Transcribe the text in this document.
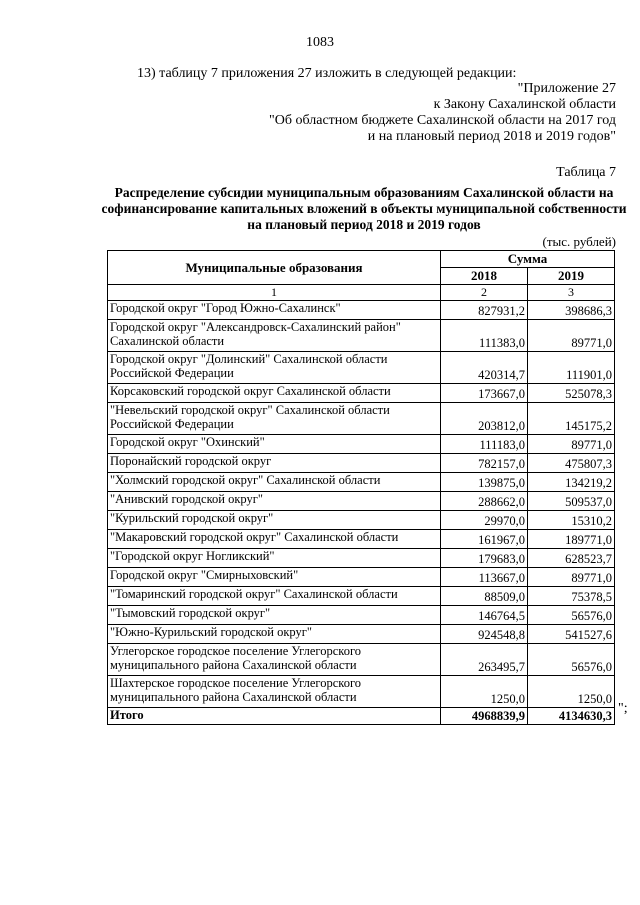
1083
13) таблицу 7 приложения 27 изложить в следующей редакции:
"Приложение 27
к Закону Сахалинской области
"Об областном бюджете Сахалинской области на 2017 год
и на плановый период 2018 и 2019 годов"
Таблица 7
Распределение субсидии муниципальным образованиям Сахалинской области на софинансирование капитальных вложений в объекты муниципальной собственности на плановый период 2018 и 2019 годов
(тыс. рублей)
Муниципальные образования	Сумма	
	2018	2019
1	2	3
Городской округ "Город Южно-Сахалинск"	827931,2	398686,3
Городской округ "Александровск-Сахалинский район" Сахалинской области	111383,0	89771,0
Городской округ "Долинский" Сахалинской области Российской Федерации	420314,7	111901,0
Корсаковский городской округ Сахалинской области	173667,0	525078,3
"Невельский городской округ" Сахалинской области Российской Федерации	203812,0	145175,2
Городской округ "Охинский"	111183,0	89771,0
Поронайский городской округ	782157,0	475807,3
"Холмский городской округ" Сахалинской области	139875,0	134219,2
"Анивский городской округ"	288662,0	509537,0
"Курильский городской округ"	29970,0	15310,2
"Макаровский городской округ" Сахалинской области	161967,0	189771,0
"Городской округ Ногликский"	179683,0	628523,7
Городской округ "Смирныховский"	113667,0	89771,0
"Томаринский городской округ" Сахалинской области	88509,0	75378,5
"Тымовский городской округ"	146764,5	56576,0
"Южно-Курильский городской округ"	924548,8	541527,6
Углегорское городское поселение Углегорского муниципального района Сахалинской области	263495,7	56576,0
Шахтерское городское поселение Углегорского муниципального района Сахалинской области	1250,0	1250,0
Итого	4968839,9	4134630,3 ";
